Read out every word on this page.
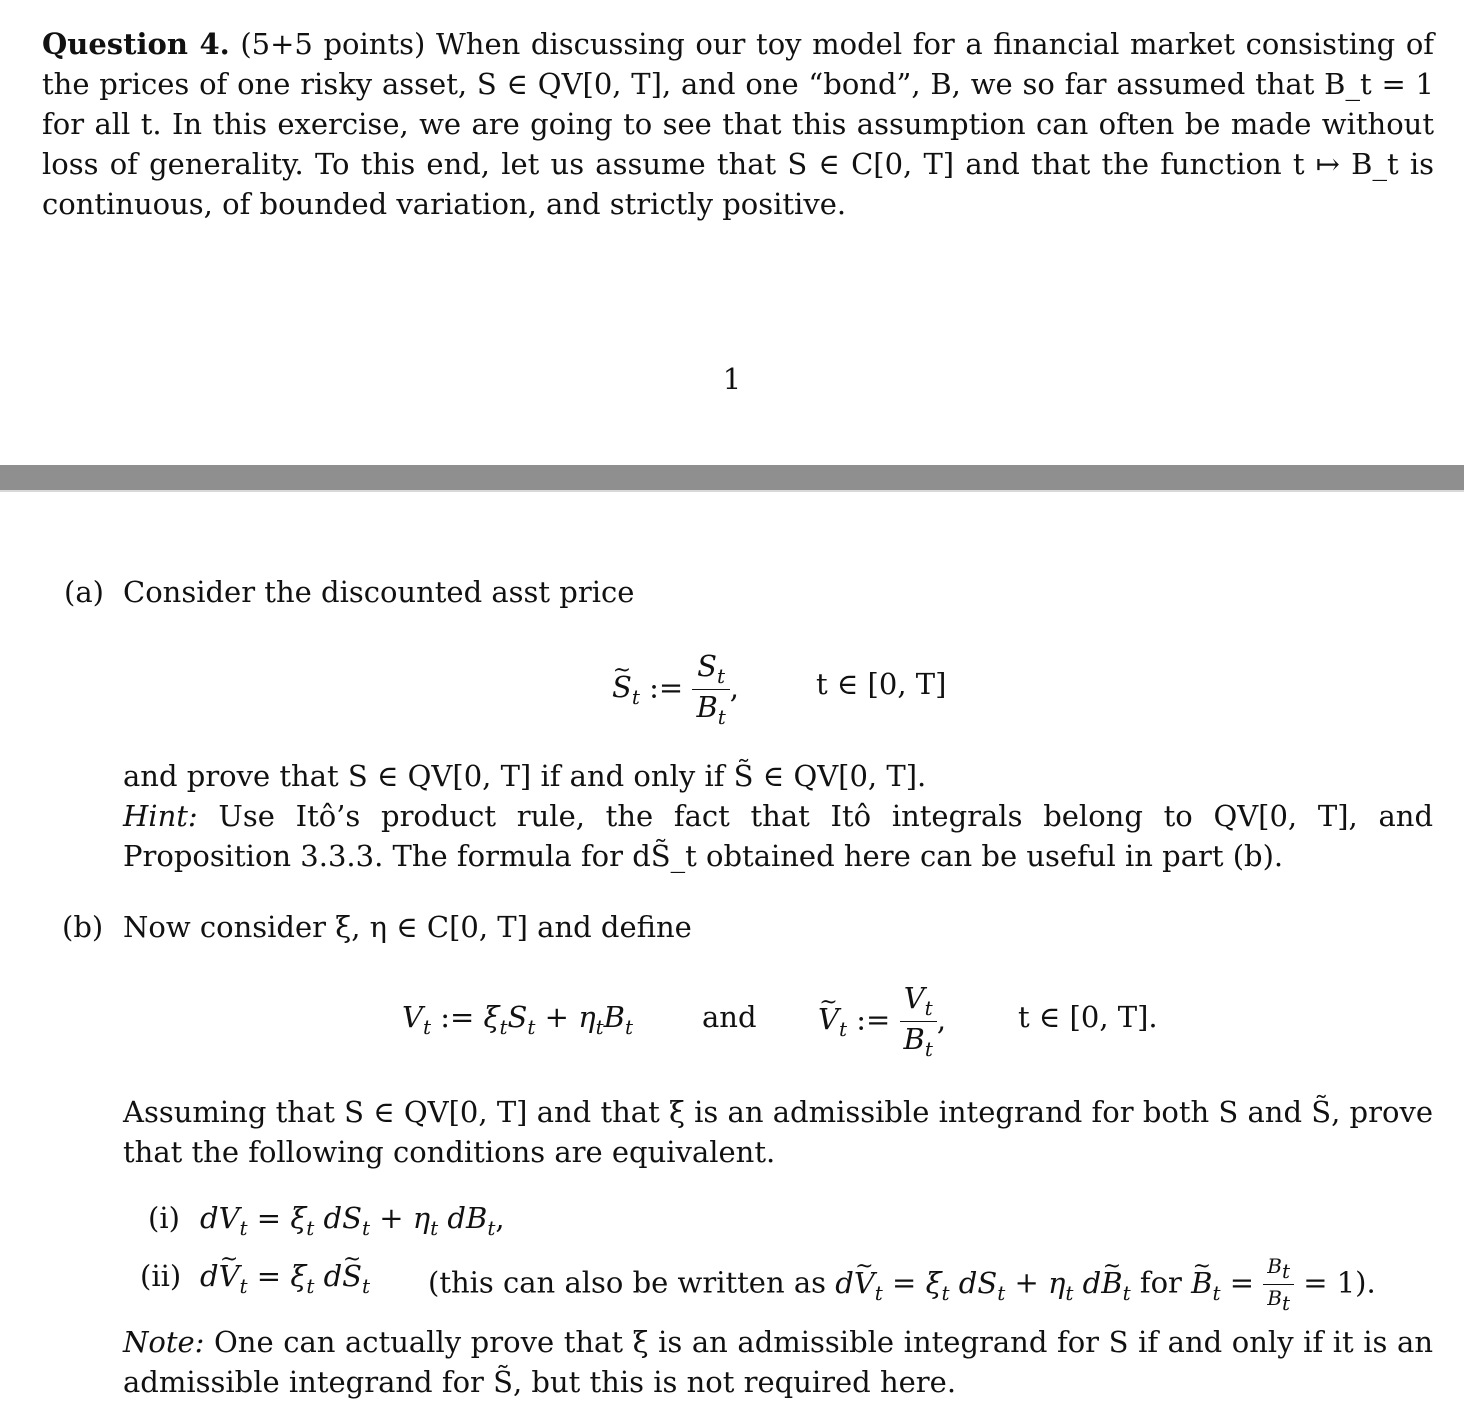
Question 4. (5+5 points) When discussing our toy model for a financial market consisting of the prices of one risky asset, S ∈ QV[0, T], and one “bond”, B, we so far assumed that B_t = 1 for all t. In this exercise, we are going to see that this assumption can often be made without loss of generality. To this end, let us assume that S ∈ C[0, T] and that the function t ↦ B_t is continuous, of bounded variation, and strictly positive.

1
(a) Consider the discounted asst price
~ $S_t$ := $\frac{S_t}{B_t}$ ,	t ∈ [0, T]

and prove that S ∈ QV[0, T] if and only if S̃ ∈ QV[0, T].
Hint: Use Itô’s product rule, the fact that Itô integrals belong to QV[0, T], and Proposition 3.3.3. The formula for dS̃_t obtained here can be useful in part (b).

(b) Now consider ξ, η ∈ C[0, T] and define
$V_t$ := $\xi_tS_t + \eta_tB_t$ and
~ $V_t$ := $\frac{V_t}{B_t}$ , t ∈ [0, T].

Assuming that S ∈ QV[0, T] and that ξ is an admissible integrand for both S and S̃, prove that the following conditions are equivalent.

(i) $dV_t = \xi_t$ $dS_t + \eta_t$ $dB_t$,
(ii) d~ $V_t = \xi_t$ d~ $S_t$ (this can also be written as d~ $V_t = \xi_t$ $dS_t + \eta_t$ d~ $B_t$ for ~ $B_t = \frac{B_t}{B_t} = 1$).

Note: One can actually prove that ξ is an admissible integrand for S if and only if it is an admissible integrand for S̃, but this is not required here.
